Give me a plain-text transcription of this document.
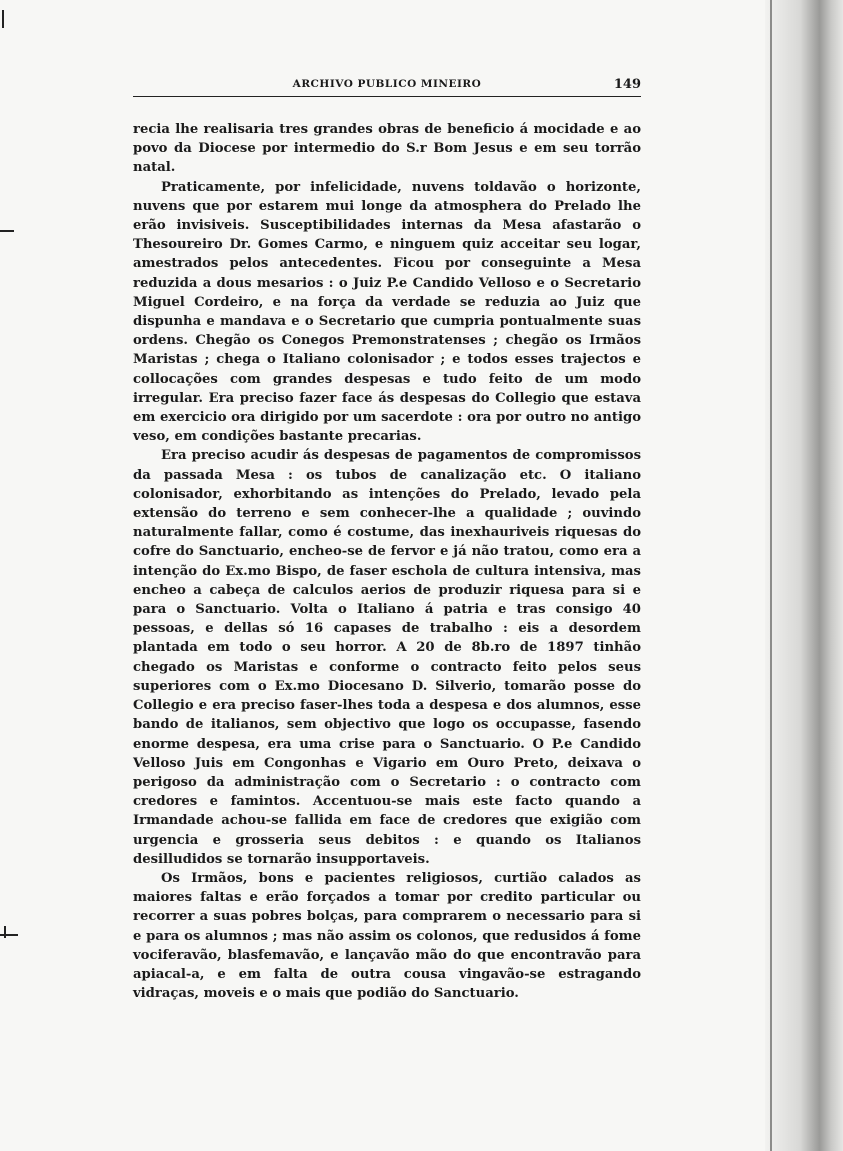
ARCHIVO PUBLICO MINEIRO	149

recia lhe realisaria tres grandes obras de beneficio á mocidade e ao povo da Diocese por intermedio do S.r Bom Jesus e em seu torrão natal.

Praticamente, por infelicidade, nuvens toldavão o horizonte, nuvens que por estarem mui longe da atmosphera do Prelado lhe erão invisiveis. Susceptibilidades internas da Mesa afastarão o Thesoureiro Dr. Gomes Carmo, e ninguem quiz acceitar seu logar, amestrados pelos antecedentes. Ficou por conseguinte a Mesa reduzida a dous mesarios : o Juiz P.e Candido Velloso e o Secretario Miguel Cordeiro, e na força da verdade se reduzia ao Juiz que dispunha e mandava e o Secretario que cumpria pontualmente suas ordens. Chegão os Conegos Premonstratenses ; chegão os Irmãos Maristas ; chega o Italiano colonisador ; e todos esses trajectos e collocações com grandes despesas e tudo feito de um modo irregular. Era preciso fazer face ás despesas do Collegio que estava em exercicio ora dirigido por um sacerdote : ora por outro no antigo veso, em condições bastante precarias.

Era preciso acudir ás despesas de pagamentos de compromissos da passada Mesa : os tubos de canalização etc. O italiano colonisador, exhorbitando as intenções do Prelado, levado pela extensão do terreno e sem conhecer-lhe a qualidade ; ouvindo naturalmente fallar, como é costume, das inexhauriveis riquesas do cofre do Sanctuario, encheo-se de fervor e já não tratou, como era a intenção do Ex.mo Bispo, de faser eschola de cultura intensiva, mas encheo a cabeça de calculos aerios de produzir riquesa para si e para o Sanctuario. Volta o Italiano á patria e tras consigo 40 pessoas, e dellas só 16 capases de trabalho : eis a desordem plantada em todo o seu horror. A 20 de 8b.ro de 1897 tinhão chegado os Maristas e conforme o contracto feito pelos seus superiores com o Ex.mo Diocesano D. Silverio, tomarão posse do Collegio e era preciso faser-lhes toda a despesa e dos alumnos, esse bando de italianos, sem objectivo que logo os occupasse, fasendo enorme despesa, era uma crise para o Sanctuario. O P.e Candido Velloso Juis em Congonhas e Vigario em Ouro Preto, deixava o perigoso da administração com o Secretario : o contracto com credores e famintos. Accentuou-se mais este facto quando a Irmandade achou-se fallida em face de credores que exigião com urgencia e grosseria seus debitos : e quando os Italianos desilludidos se tornarão insupportaveis.

Os Irmãos, bons e pacientes religiosos, curtião calados as maiores faltas e erão forçados a tomar por credito particular ou recorrer a suas pobres bolças, para comprarem o necessario para si e para os alumnos ; mas não assim os colonos, que redusidos á fome vociferavão, blasfemavão, e lançavão mão do que encontravão para apiacal-a, e em falta de outra cousa vingavão-se estragando vidraças, moveis e o mais que podião do Sanctuario.
